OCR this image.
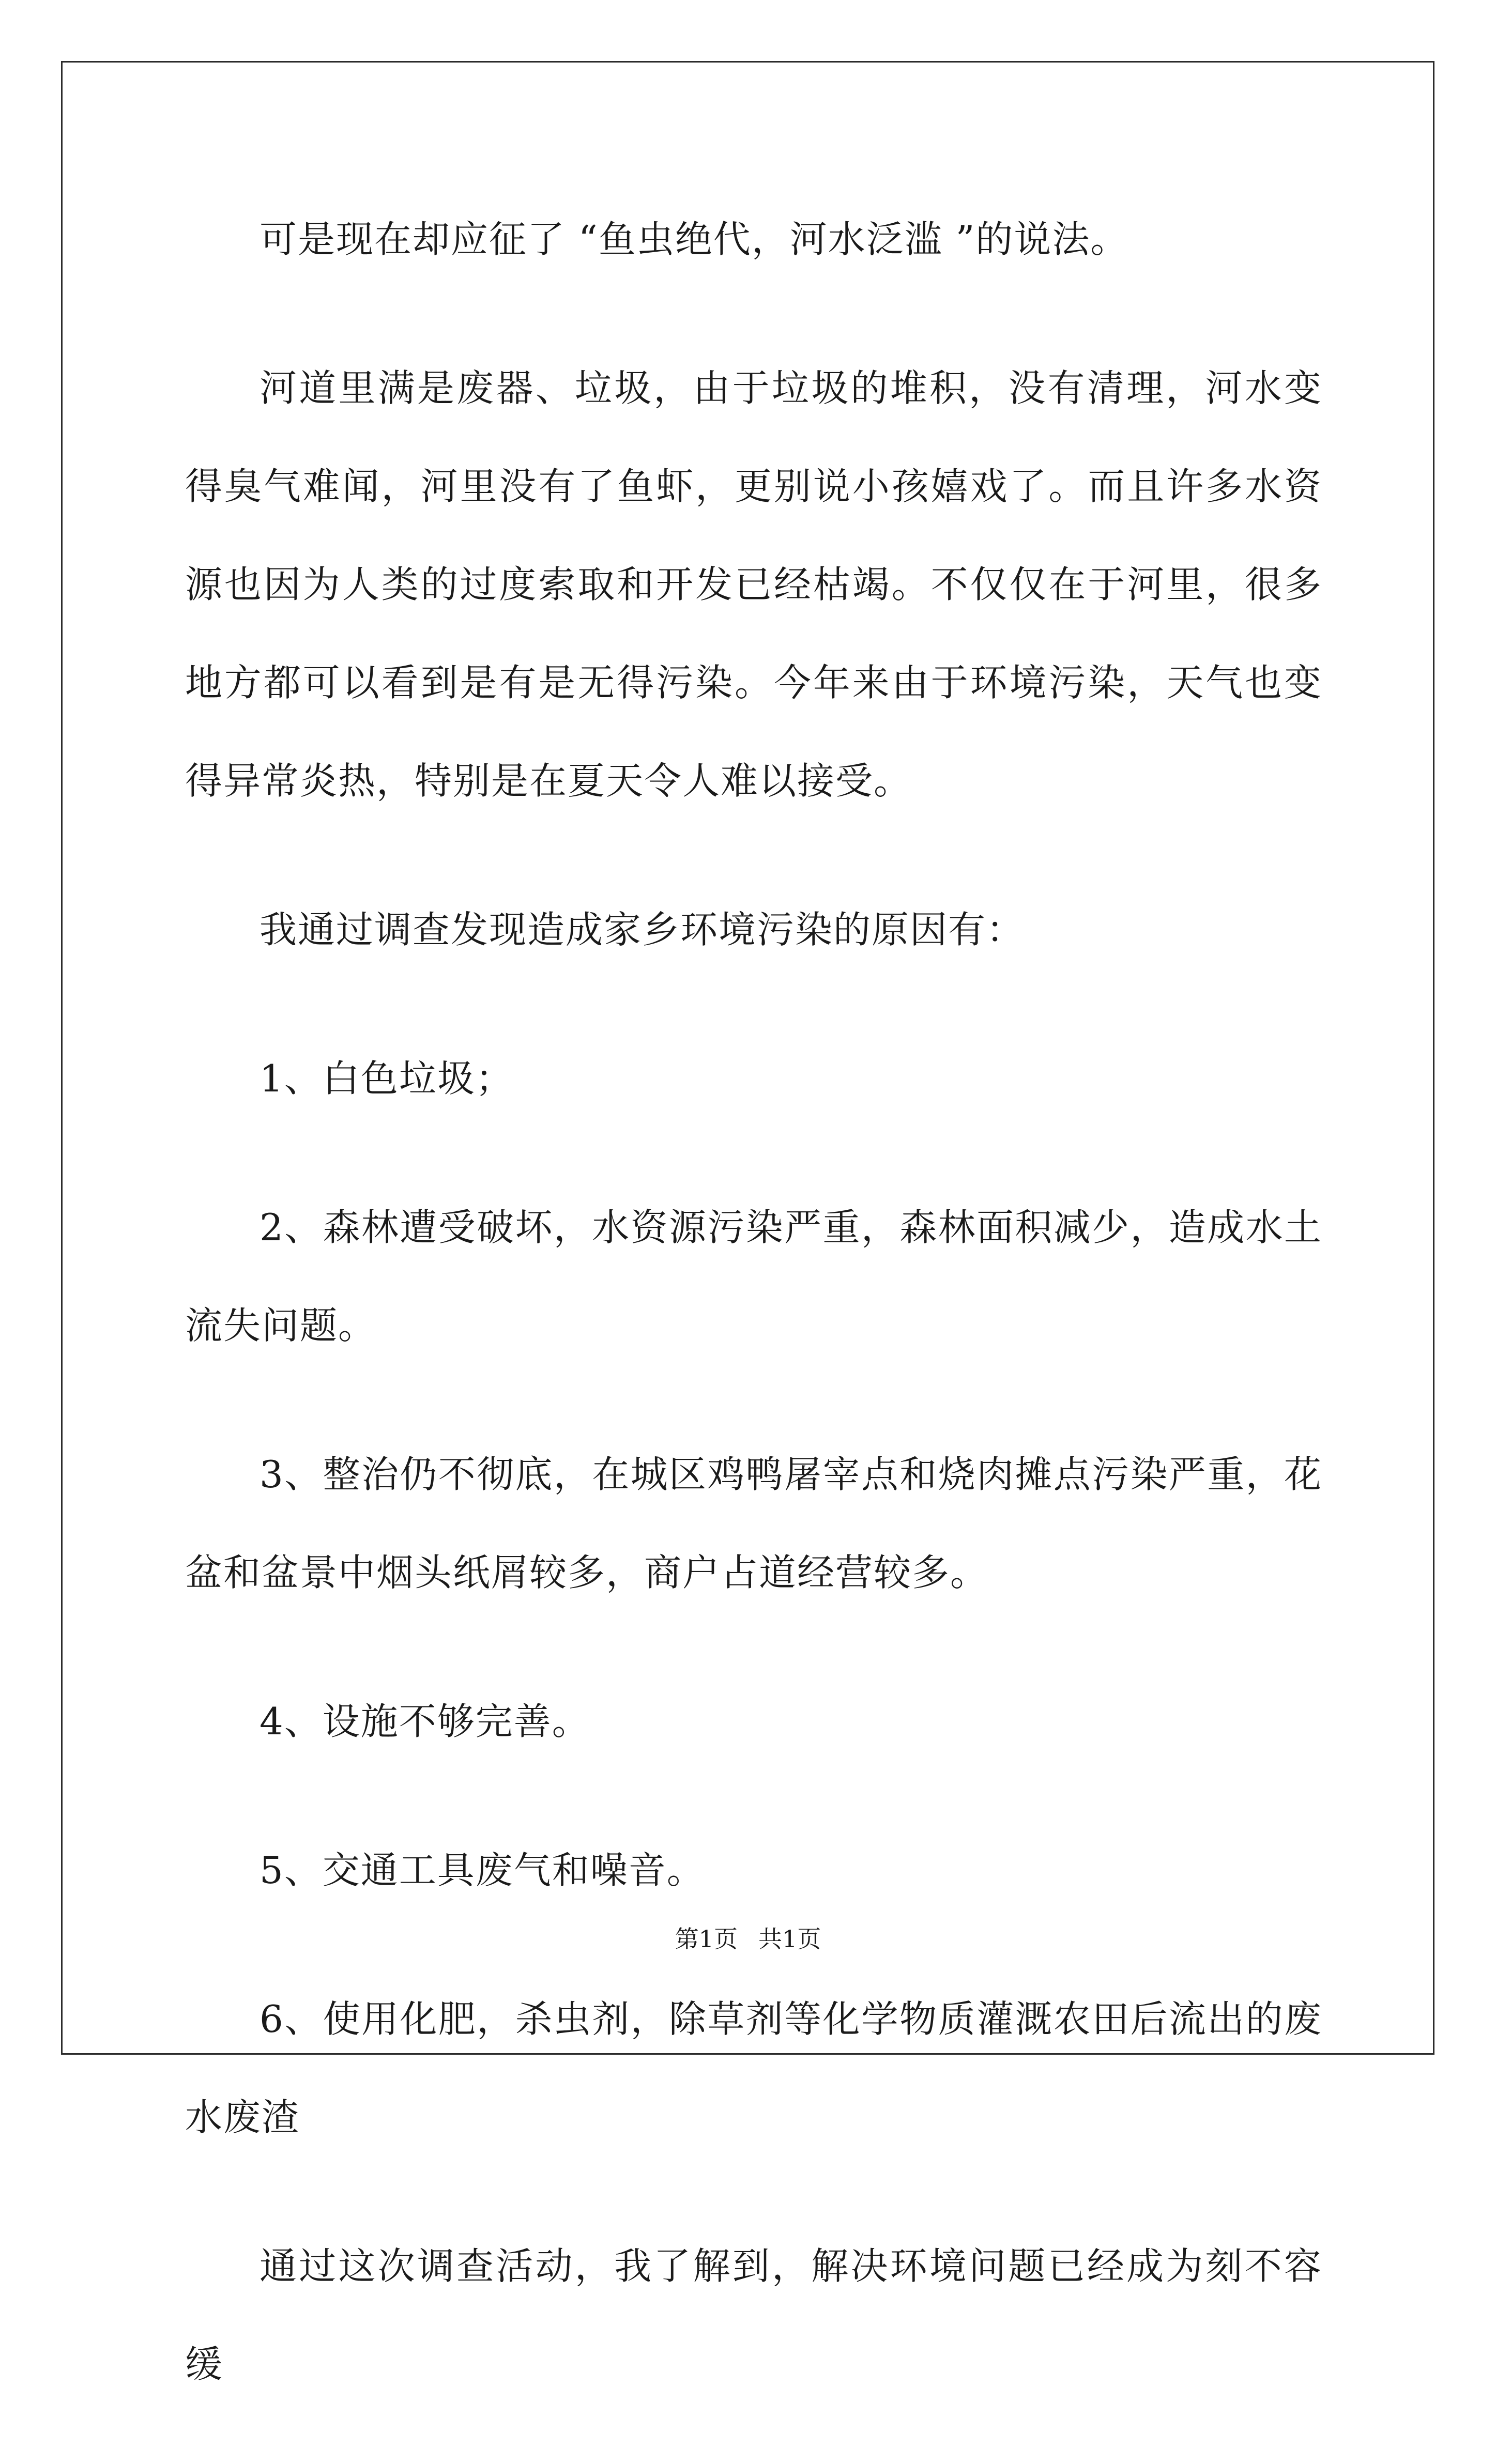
可是现在却应征了 “鱼虫绝代，河水泛滥 ”的说法。

河道里满是废器、垃圾，由于垃圾的堆积，没有清理，河水变得臭气难闻，河里没有了鱼虾，更别说小孩嬉戏了。而且许多水资源也因为人类的过度索取和开发已经枯竭。不仅仅在于河里，很多地方都可以看到是有是无得污染。今年来由于环境污染，天气也变得异常炎热，特别是在夏天令人难以接受。

我通过调查发现造成家乡环境污染的原因有：

1、白色垃圾；

2、森林遭受破坏，水资源污染严重，森林面积减少，造成水土流失问题。

3、整治仍不彻底，在城区鸡鸭屠宰点和烧肉摊点污染严重，花盆和盆景中烟头纸屑较多，商户占道经营较多。

4、设施不够完善。

5、交通工具废气和噪音。

6、使用化肥，杀虫剂，除草剂等化学物质灌溉农田后流出的废水废渣

通过这次调查活动，我了解到，解决环境问题已经成为刻不容缓

第1页 共1页
